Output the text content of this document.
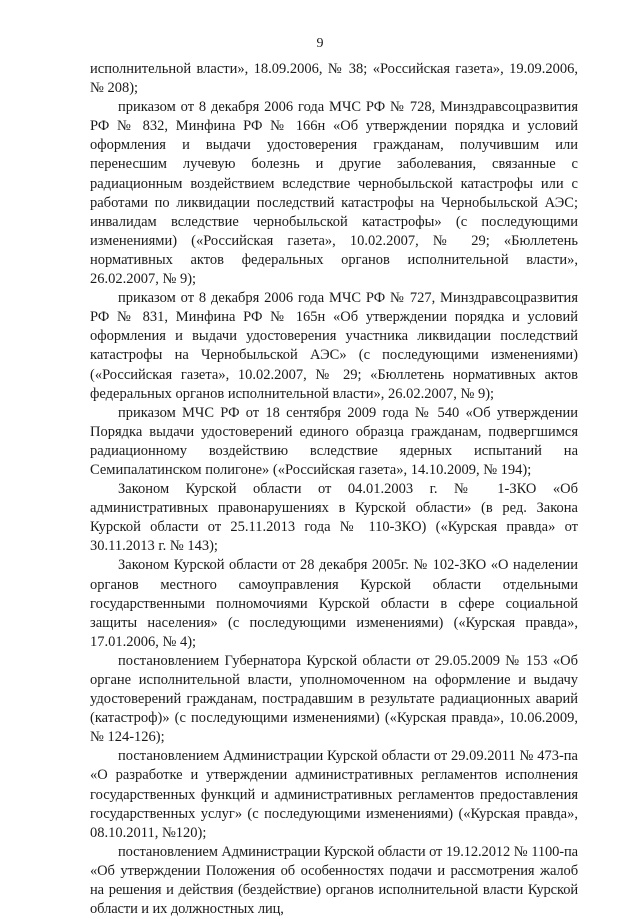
9

исполнительной власти», 18.09.2006, № 38; «Российская газета», 19.09.2006, № 208);

приказом от 8 декабря 2006 года МЧС РФ № 728, Минздравсоцразвития РФ № 832, Минфина РФ № 166н «Об утверждении порядка и условий оформления и выдачи удостоверения гражданам, получившим или перенесшим лучевую болезнь и другие заболевания, связанные с радиационным воздействием вследствие чернобыльской катастрофы или с работами по ликвидации последствий катастрофы на Чернобыльской АЭС; инвалидам вследствие чернобыльской катастрофы» (с последующими изменениями) («Российская газета», 10.02.2007, № 29; «Бюллетень нормативных актов федеральных органов исполнительной власти», 26.02.2007, № 9);

приказом от 8 декабря 2006 года МЧС РФ № 727, Минздравсоцразвития РФ № 831, Минфина РФ № 165н «Об утверждении порядка и условий оформления и выдачи удостоверения участника ликвидации последствий катастрофы на Чернобыльской АЭС» (с последующими изменениями) («Российская газета», 10.02.2007, № 29; «Бюллетень нормативных актов федеральных органов исполнительной власти», 26.02.2007, № 9);

приказом МЧС РФ от 18 сентября 2009 года № 540 «Об утверждении Порядка выдачи удостоверений единого образца гражданам, подвергшимся радиационному воздействию вследствие ядерных испытаний на Семипалатинском полигоне» («Российская газета», 14.10.2009, № 194);

Законом Курской области от 04.01.2003 г. № 1-ЗКО «Об административных правонарушениях в Курской области» (в ред. Закона Курской области от 25.11.2013 года № 110-ЗКО) («Курская правда» от 30.11.2013 г. № 143);

Законом Курской области от 28 декабря 2005г. № 102-ЗКО «О наделении органов местного самоуправления Курской области отдельными государственными полномочиями Курской области в сфере социальной защиты населения» (с последующими изменениями) («Курская правда», 17.01.2006, № 4);

постановлением Губернатора Курской области от 29.05.2009 № 153 «Об органе исполнительной власти, уполномоченном на оформление и выдачу удостоверений гражданам, пострадавшим в результате радиационных аварий (катастроф)» (с последующими изменениями) («Курская правда», 10.06.2009, № 124-126);

постановлением Администрации Курской области от 29.09.2011 № 473-па «О разработке и утверждении административных регламентов исполнения государственных функций и административных регламентов предоставления государственных услуг» (с последующими изменениями) («Курская правда», 08.10.2011, №120);

постановлением Администрации Курской области от 19.12.2012 № 1100-па «Об утверждении Положения об особенностях подачи и рассмотрения жалоб на решения и действия (бездействие) органов исполнительной власти Курской области и их должностных лиц,
